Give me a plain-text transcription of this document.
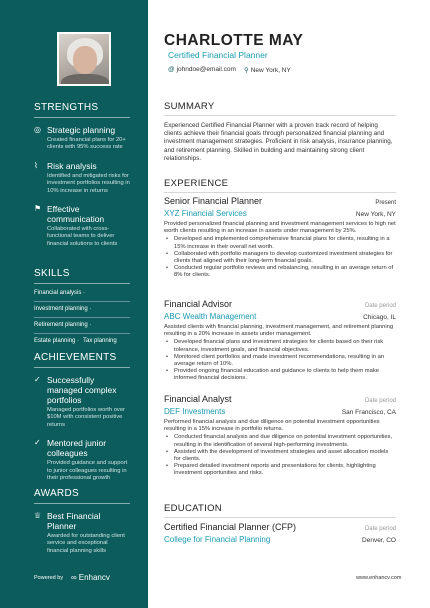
STRENGTHS
◎ Strategic planning
Created financial plans for 20+ clients with 95% success rate
⌇	Risk analysis
Identified and mitigated risks for investment portfolios resulting in 10% increase in returns
⚑ Effective communication
Collaborated with cross-functional teams to deliver financial solutions to clients
SKILLS
Financial analysis ·
Investment planning ·
Retirement planning ·
Estate planning · Tax planning
ACHIEVEMENTS
✓ Successfully managed complex portfolios
Managed portfolios worth over $10M with consistent positive returns
✓ Mentored junior colleagues
Provided guidance and support to junior colleagues resulting in their professional growth
AWARDS
♕ Best Financial Planner
Awarded for outstanding client service and exceptional financial planning skills
Powered by ∞ Enhancv
CHARLOTTE MAY
Certified Financial Planner
@ johndoe@email.com ⚲ New York, NY
SUMMARY
Experienced Certified Financial Planner with a proven track record of helping clients achieve their financial goals through personalized financial planning and investment management strategies. Proficient in risk analysis, insurance planning, and retirement planning. Skilled in building and maintaining strong client relationships.
EXPERIENCE
Senior Financial Planner	Present
XYZ Financial Services	New York, NY
Provided personalized financial planning and investment management services to high net worth clients resulting in an increase in assets under management by 25%.
• Developed and implemented comprehensive financial plans for clients, resulting in a 15% increase in their overall net worth.
• Collaborated with portfolio managers to develop customized investment strategies for clients that aligned with their long-term financial goals.
• Conducted regular portfolio reviews and rebalancing, resulting in an average return of 8% for clients.
Financial Advisor	Date period
ABC Wealth Management	Chicago, IL
Assisted clients with financial planning, investment management, and retirement planning resulting in a 20% increase in assets under management.
• Developed financial plans and investment strategies for clients based on their risk tolerance, investment goals, and financial objectives.
• Monitored client portfolios and made investment recommendations, resulting in an average return of 10%.
• Provided ongoing financial education and guidance to clients to help them make informed financial decisions.
Financial Analyst	Date period
DEF Investments	San Francisco, CA
Performed financial analysis and due diligence on potential investment opportunities resulting in a 15% increase in portfolio returns.
• Conducted financial analysis and due diligence on potential investment opportunities, resulting in the identification of several high-performing investments.
• Assisted with the development of investment strategies and asset allocation models for clients.
• Prepared detailed investment reports and presentations for clients, highlighting investment opportunities and risks.
EDUCATION
Certified Financial Planner (CFP)	Date period
College for Financial Planning	Denver, CO
www.enhancv.com
